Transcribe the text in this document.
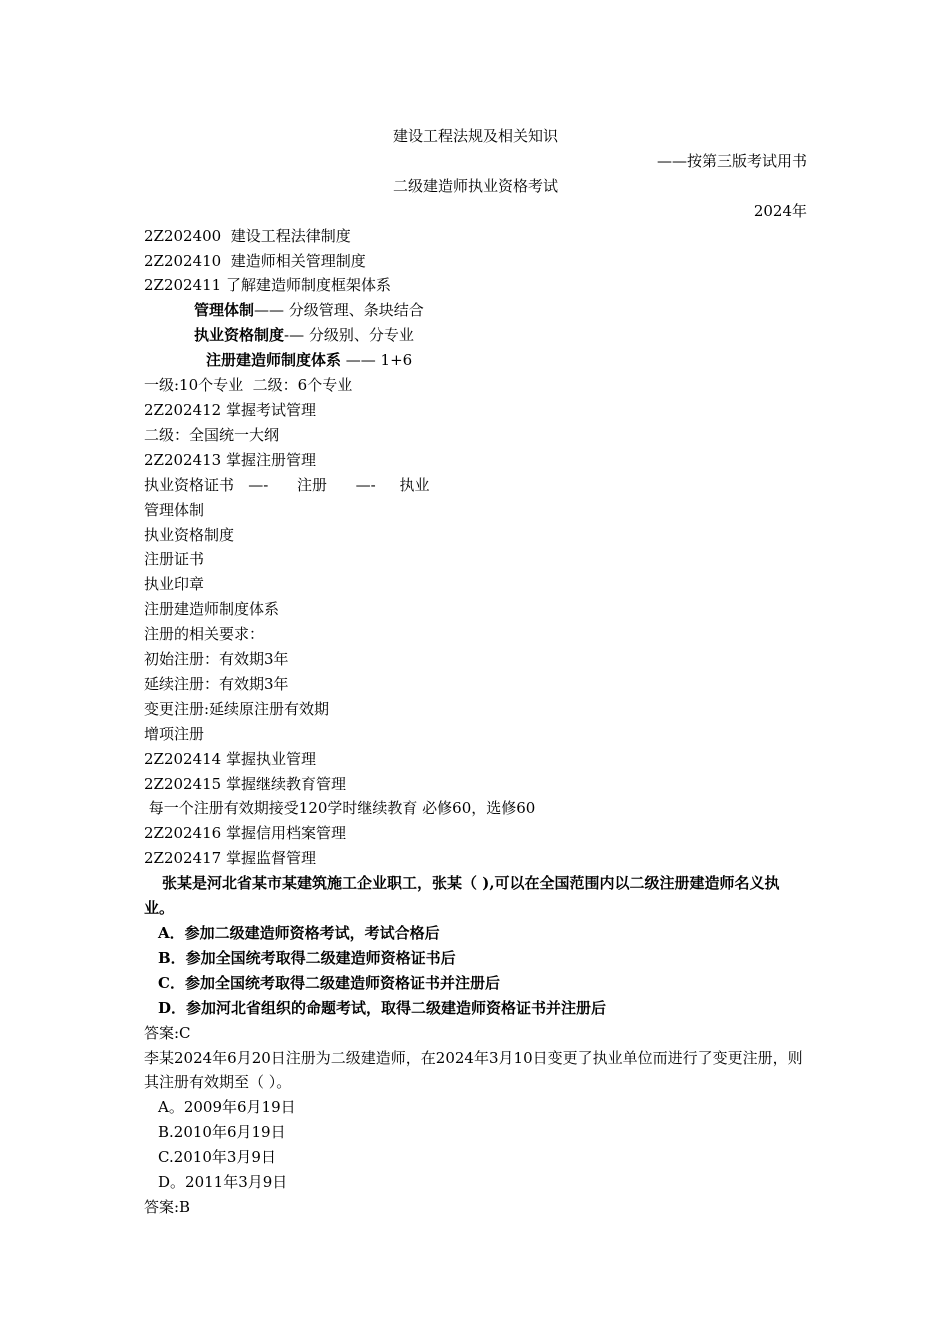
建设工程法规及相关知识
——按第三版考试用书
二级建造师执业资格考试
2024年
2Z202400  建设工程法律制度
2Z202410  建造师相关管理制度
2Z202411 了解建造师制度框架体系
管理体制—— 分级管理、条块结合
执业资格制度-— 分级别、分专业
注册建造师制度体系 —— 1+6
一级:10个专业  二级：6个专业
2Z202412 掌握考试管理
二级：全国统一大纲
2Z202413 掌握注册管理
执业资格证书   —-      注册      —-     执业
管理体制
执业资格制度
注册证书
执业印章
注册建造师制度体系
注册的相关要求：
初始注册：有效期3年
延续注册：有效期3年
变更注册:延续原注册有效期
增项注册
2Z202414 掌握执业管理
2Z202415 掌握继续教育管理
每一个注册有效期接受120学时继续教育 必修60，选修60
2Z202416 掌握信用档案管理
2Z202417 掌握监督管理
张某是河北省某市某建筑施工企业职工，张某（ ),可以在全国范围内以二级注册建造师名义执业。
A．参加二级建造师资格考试，考试合格后
B．参加全国统考取得二级建造师资格证书后
C．参加全国统考取得二级建造师资格证书并注册后
D．参加河北省组织的命题考试，取得二级建造师资格证书并注册后
答案:C
李某2024年6月20日注册为二级建造师，在2024年3月10日变更了执业单位而进行了变更注册，则其注册有效期至（ ）。
A。2009年6月19日
B.2010年6月19日
C.2010年3月9日
D。2011年3月9日
答案:B
